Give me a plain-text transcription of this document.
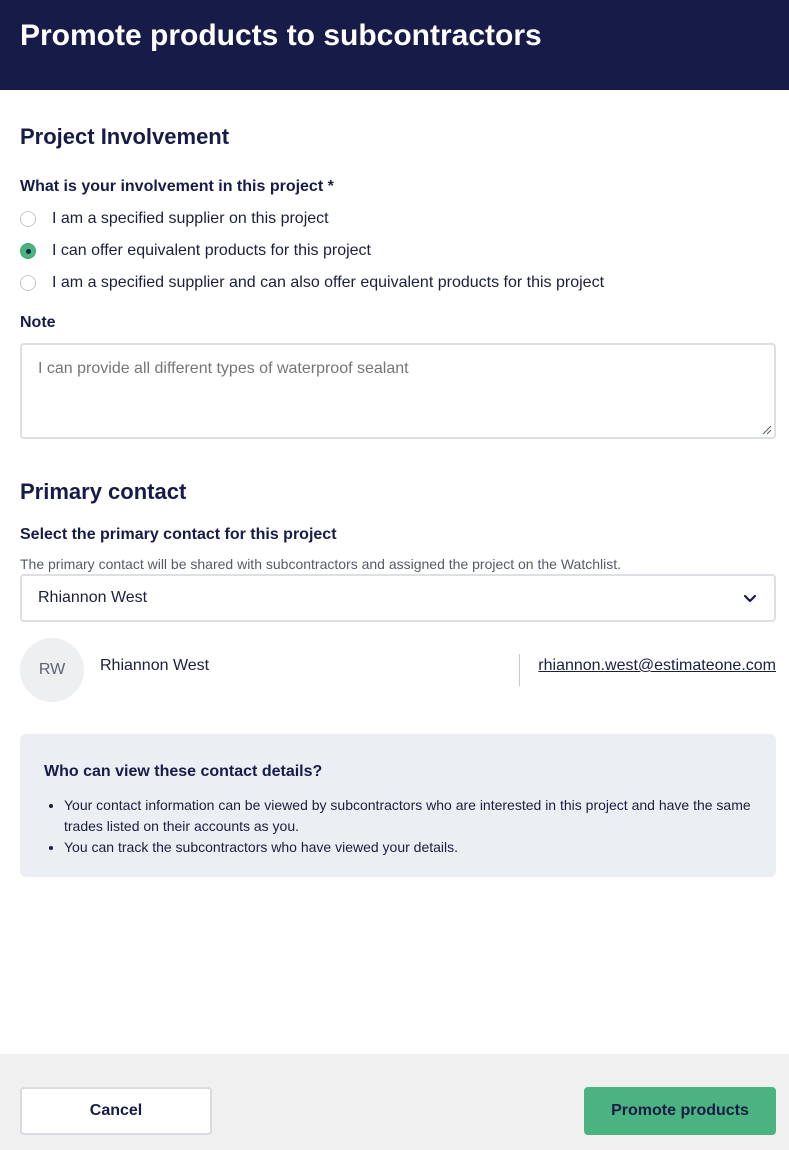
Promote products to subcontractors
Project Involvement
What is your involvement in this project *
I am a specified supplier on this project
I can offer equivalent products for this project
I am a specified supplier and can also offer equivalent products for this project
Note
I can provide all different types of waterproof sealant
Primary contact
Select the primary contact for this project
The primary contact will be shared with subcontractors and assigned the project on the Watchlist.
Rhiannon West
RW	Rhiannon West	rhiannon.west@estimateone.com
Who can view these contact details?
• Your contact information can be viewed by subcontractors who are interested in this project and have the same trades listed on their accounts as you.
• You can track the subcontractors who have viewed your details.
Cancel	Promote products
